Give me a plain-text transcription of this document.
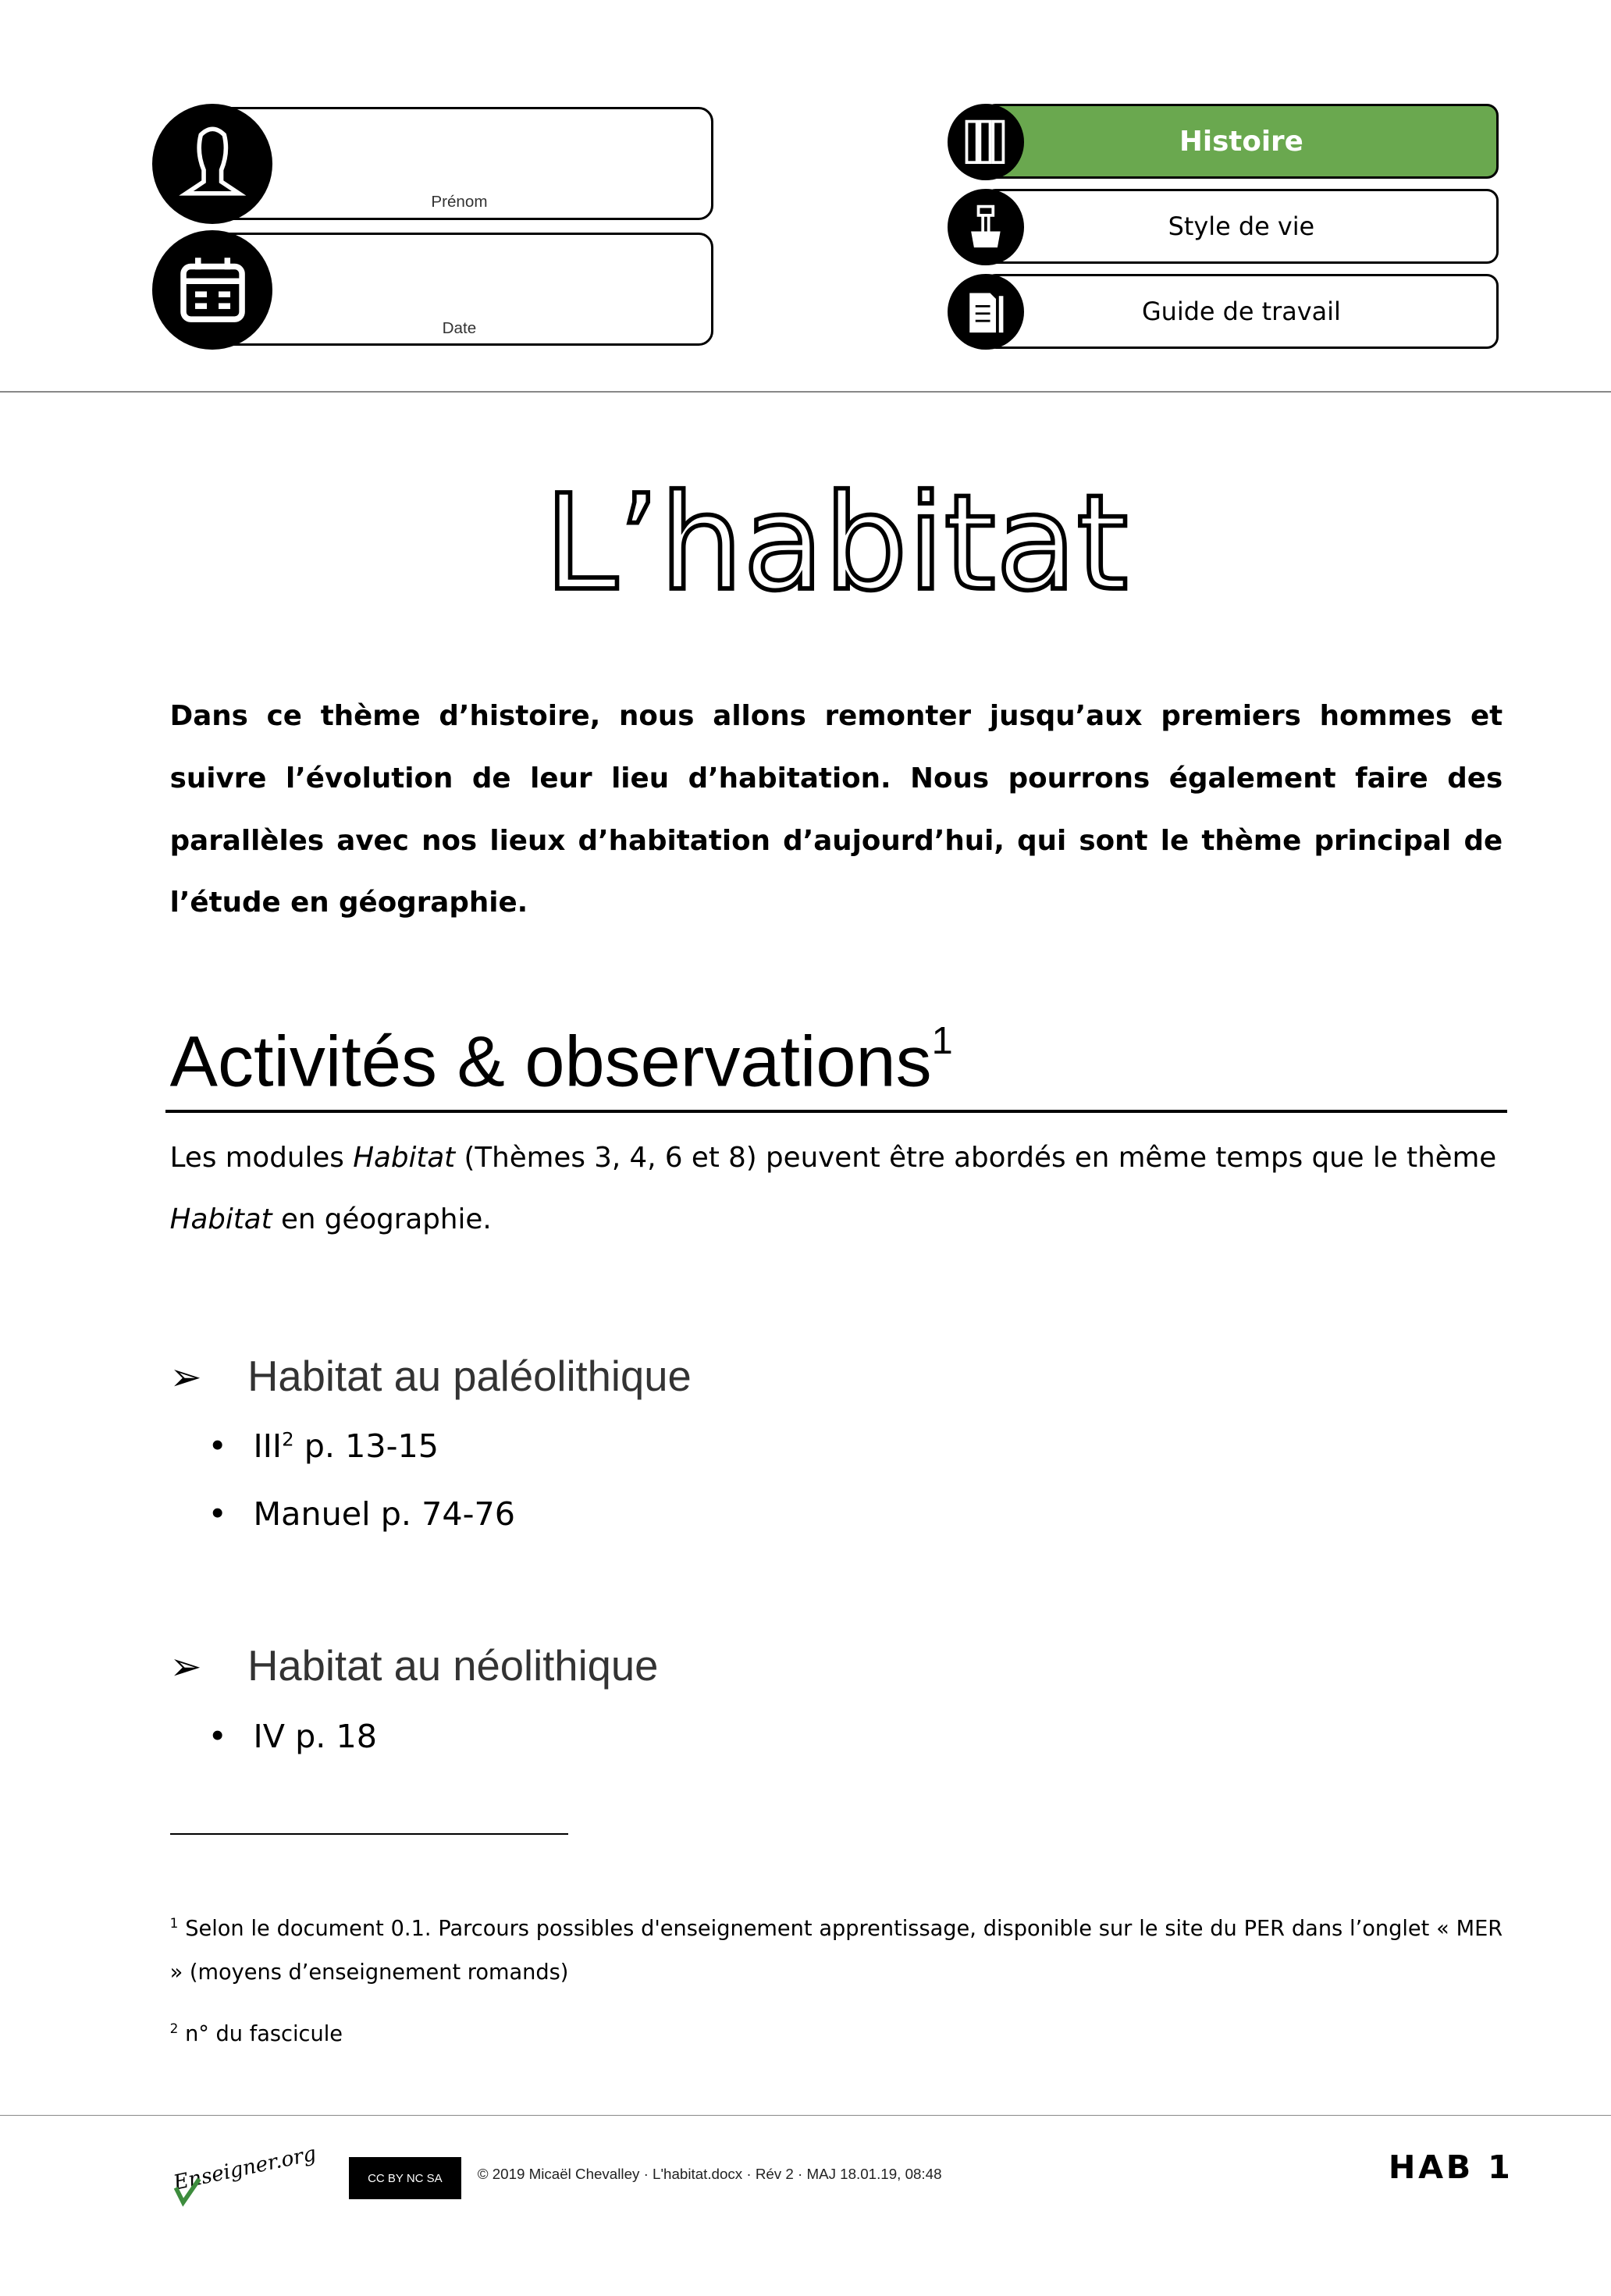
Prénom
Date
Histoire
Style de vie
Guide de travail
L’habitat
Dans ce thème d’histoire, nous allons remonter jusqu’aux premiers hommes et suivre l’évolution de leur lieu d’habitation. Nous pourrons également faire des parallèles avec nos lieux d’habitation d’aujourd’hui, qui sont le thème principal de l’étude en géographie.
Activités & observations$^1$
Les modules Habitat (Thèmes 3, 4, 6 et 8) peuvent être abordés en même temps que le thème
Habitat en géographie.
➢ Habitat au paléolithique
• III$^2$ p. 13-15
• Manuel p. 74-76
➢ Habitat au néolithique
• IV p. 18
$^1$ Selon le document 0.1. Parcours possibles d'enseignement apprentissage, disponible sur le site du PER dans l’onglet « MER » (moyens d’enseignement romands)
$^2$ n° du fascicule
Enseigner.org	CC BY NC SA	© 2019 Micaël Chevalley · L'habitat.docx · Rév 2 · MAJ 18.01.19, 08:48	HAB 1
